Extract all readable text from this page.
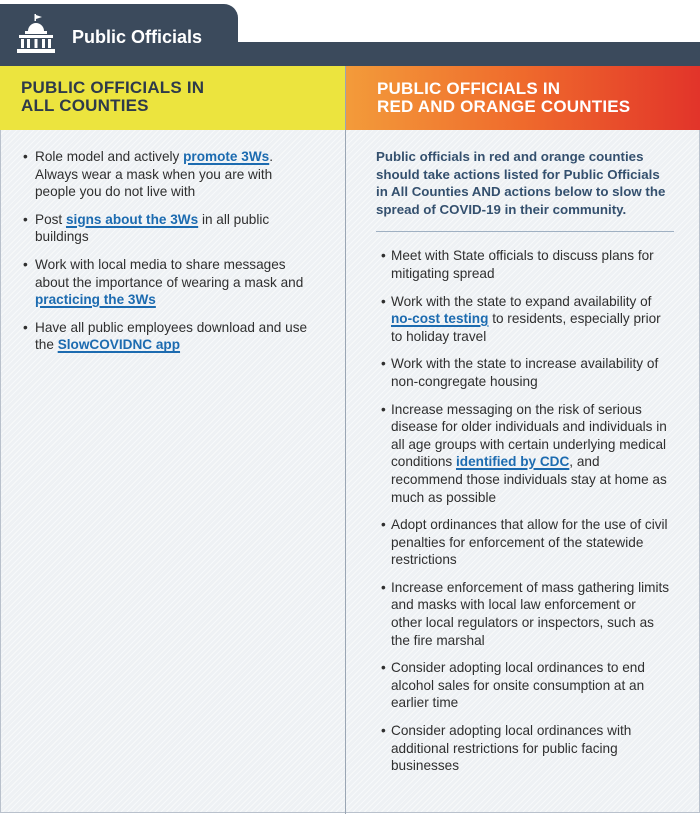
Public Officials
PUBLIC OFFICIALS IN
ALL COUNTIES
PUBLIC OFFICIALS IN
RED AND ORANGE COUNTIES
• Role model and actively promote 3Ws. Always wear a mask when you are with people you do not live with
• Post signs about the 3Ws in all public buildings
• Work with local media to share messages about the importance of wearing a mask and practicing the 3Ws
• Have all public employees download and use the SlowCOVIDNC app
Public officials in red and orange counties should take actions listed for Public Officials in All Counties AND actions below to slow the spread of COVID-19 in their community.
• Meet with State officials to discuss plans for mitigating spread
• Work with the state to expand availability of no-cost testing to residents, especially prior to holiday travel
• Work with the state to increase availability of non-congregate housing
• Increase messaging on the risk of serious disease for older individuals and individuals in all age groups with certain underlying medical conditions identified by CDC, and recommend those individuals stay at home as much as possible
• Adopt ordinances that allow for the use of civil penalties for enforcement of the statewide restrictions
• Increase enforcement of mass gathering limits and masks with local law enforcement or other local regulators or inspectors, such as the fire marshal
• Consider adopting local ordinances to end alcohol sales for onsite consumption at an earlier time
• Consider adopting local ordinances with additional restrictions for public facing businesses
